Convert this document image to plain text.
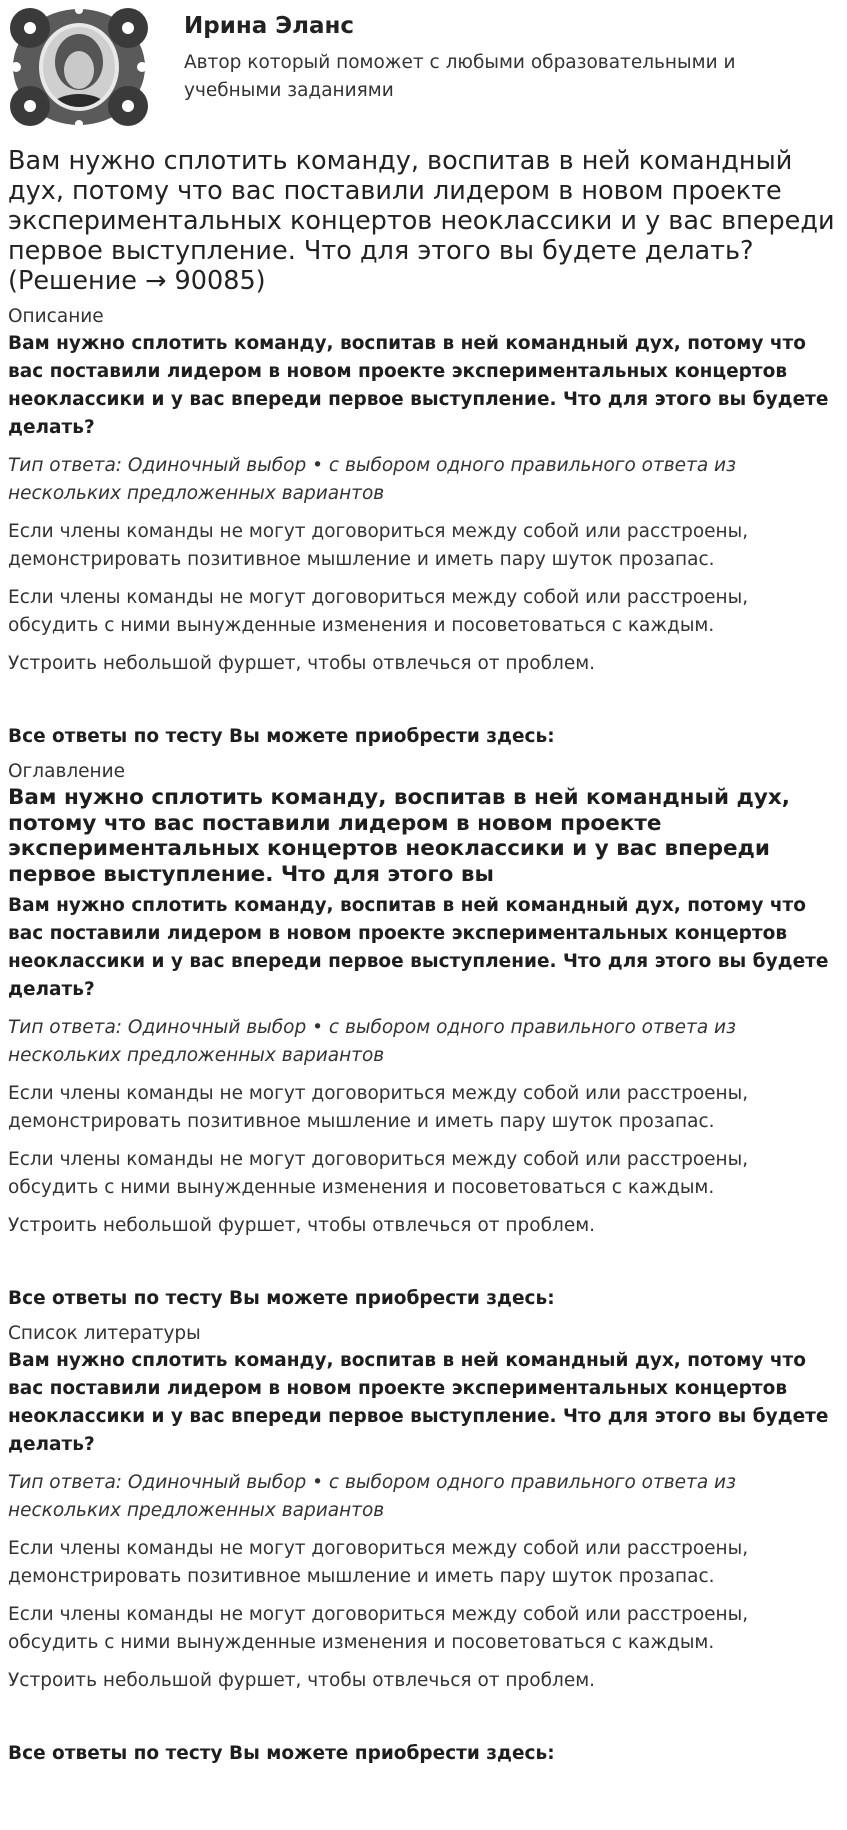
Ирина Эланс

Автор который поможет с любыми образовательными и учебными заданиями

Вам нужно сплотить команду, воспитав в ней командный дух, потому что вас поставили лидером в новом проекте экспериментальных концертов неоклассики и у вас впереди первое выступление. Что для этого вы будете делать? (Решение → 90085)
Описание
Вам нужно сплотить команду, воспитав в ней командный дух, потому что вас поставили лидером в новом проекте экспериментальных концертов неоклассики и у вас впереди первое выступление. Что для этого вы будете делать?
Тип ответа: Одиночный выбор • с выбором одного правильного ответа из нескольких предложенных вариантов
Если члены команды не могут договориться между собой или расстроены, демонстрировать позитивное мышление и иметь пару шуток прозапас.
Если члены команды не могут договориться между собой или расстроены, обсудить с ними вынужденные изменения и посоветоваться с каждым.
Устроить небольшой фуршет, чтобы отвлечься от проблем.
Все ответы по тесту Вы можете приобрести здесь:
Оглавление
Вам нужно сплотить команду, воспитав в ней командный дух, потому что вас поставили лидером в новом проекте экспериментальных концертов неоклассики и у вас впереди первое выступление. Что для этого вы
Вам нужно сплотить команду, воспитав в ней командный дух, потому что вас поставили лидером в новом проекте экспериментальных концертов неоклассики и у вас впереди первое выступление. Что для этого вы будете делать?
Тип ответа: Одиночный выбор • с выбором одного правильного ответа из нескольких предложенных вариантов
Если члены команды не могут договориться между собой или расстроены, демонстрировать позитивное мышление и иметь пару шуток прозапас.
Если члены команды не могут договориться между собой или расстроены, обсудить с ними вынужденные изменения и посоветоваться с каждым.
Устроить небольшой фуршет, чтобы отвлечься от проблем.
Все ответы по тесту Вы можете приобрести здесь:
Список литературы
Вам нужно сплотить команду, воспитав в ней командный дух, потому что вас поставили лидером в новом проекте экспериментальных концертов неоклассики и у вас впереди первое выступление. Что для этого вы будете делать?
Тип ответа: Одиночный выбор • с выбором одного правильного ответа из нескольких предложенных вариантов
Если члены команды не могут договориться между собой или расстроены, демонстрировать позитивное мышление и иметь пару шуток прозапас.
Если члены команды не могут договориться между собой или расстроены, обсудить с ними вынужденные изменения и посоветоваться с каждым.
Устроить небольшой фуршет, чтобы отвлечься от проблем.
Все ответы по тесту Вы можете приобрести здесь:
